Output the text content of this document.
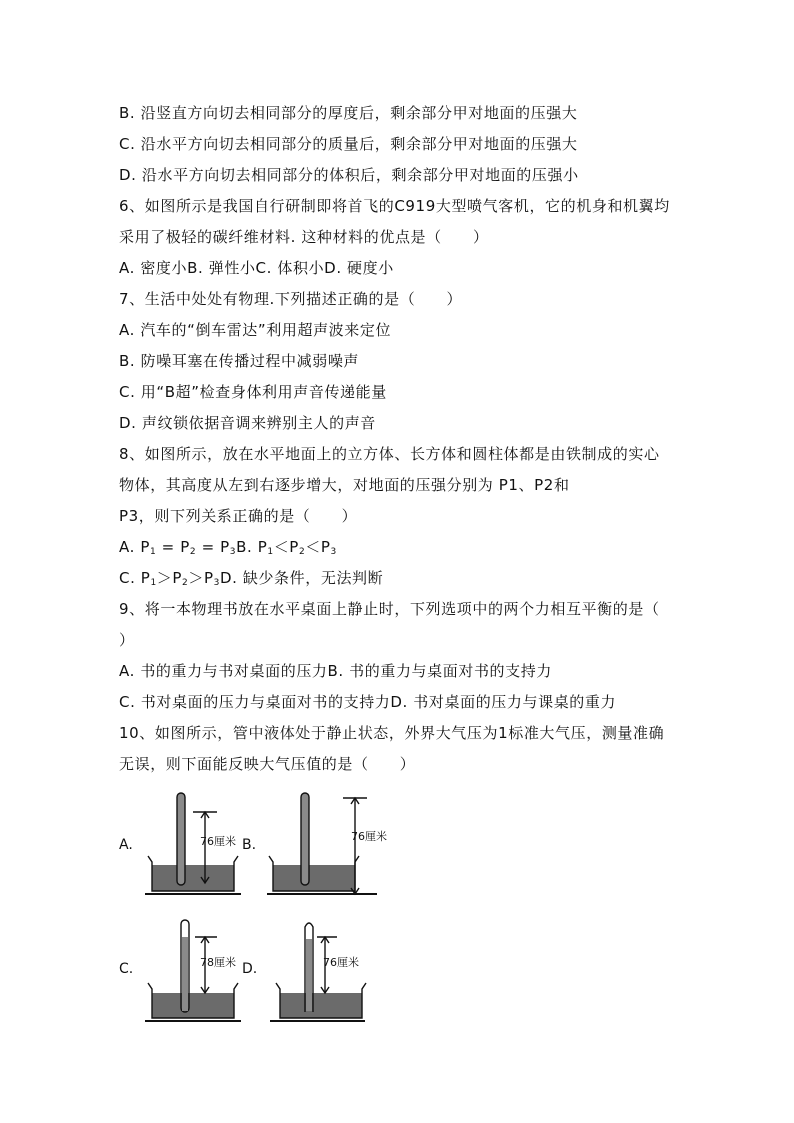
B. 沿竖直方向切去相同部分的厚度后，剩余部分甲对地面的压强大
C. 沿水平方向切去相同部分的质量后，剩余部分甲对地面的压强大
D. 沿水平方向切去相同部分的体积后，剩余部分甲对地面的压强小
6、如图所示是我国自行研制即将首飞的C919大型喷气客机，它的机身和机翼均
采用了极轻的碳纤维材料. 这种材料的优点是（　　）
A. 密度小B. 弹性小C. 体积小D. 硬度小
7、生活中处处有物理.下列描述正确的是（　　）
A. 汽车的“倒车雷达”利用超声波来定位
B. 防噪耳塞在传播过程中减弱噪声
C. 用“B超”检查身体利用声音传递能量
D. 声纹锁依据音调来辨别主人的声音
8、如图所示，放在水平地面上的立方体、长方体和圆柱体都是由铁制成的实心
物体，其高度从左到右逐步增大，对地面的压强分别为 P1、P2和
P3，则下列关系正确的是（　　）
A. $P_1 = P_2 = P_3B$. $P_1<P_2<P_3$
C. $P_1>P_2>P_3D$. 缺少条件，无法判断
9、将一本物理书放在水平桌面上静止时，下列选项中的两个力相互平衡的是（
）
A. 书的重力与书对桌面的压力B. 书的重力与桌面对书的支持力
C. 书对桌面的压力与桌面对书的支持力D. 书对桌面的压力与课桌的重力
10、如图所示，管中液体处于静止状态，外界大气压为1标准大气压，测量准确
无误，则下面能反映大气压值的是（　　）
A.	B.
C.	D.
76厘米	76厘米
78厘米	76厘米
